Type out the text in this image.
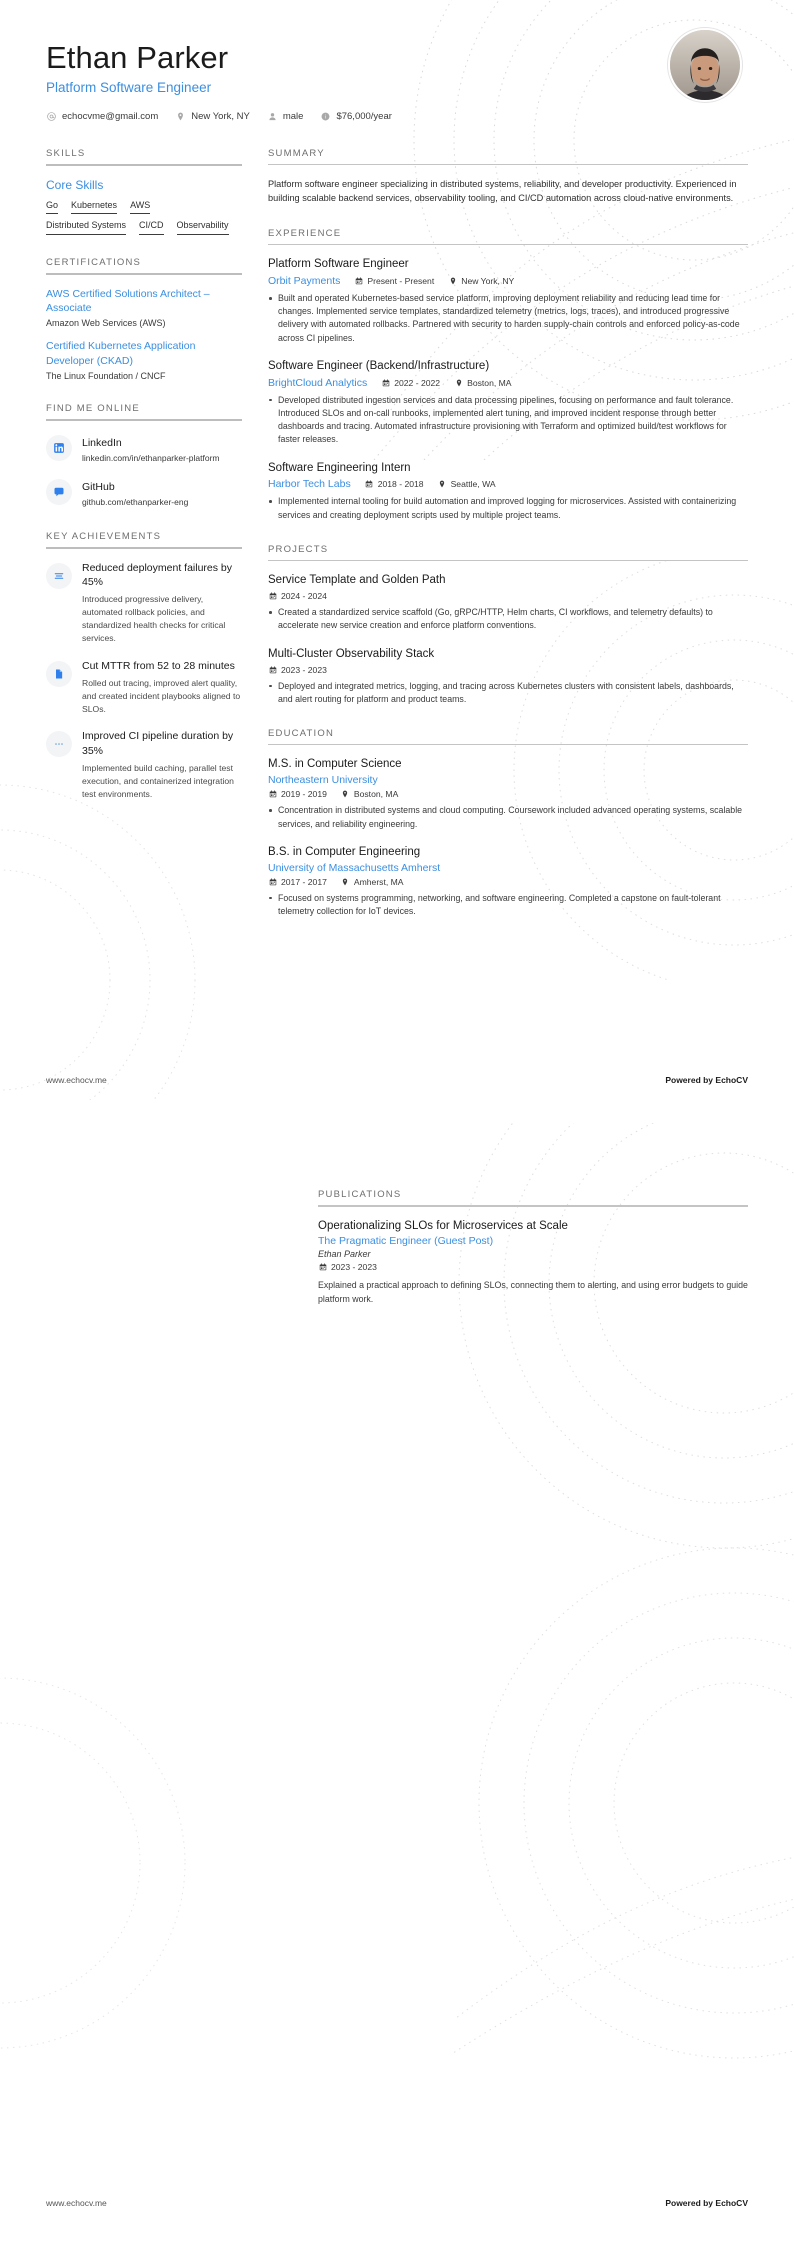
Ethan Parker
Platform Software Engineer
echocvme@gmail.com	New York, NY	male i $76,000/year
SKILLS
Core Skills
Go Kubernetes AWS
Distributed Systems CI/CD Observability
CERTIFICATIONS
AWS Certified Solutions Architect – Associate
Amazon Web Services (AWS)
Certified Kubernetes Application Developer (CKAD)
The Linux Foundation / CNCF
FIND ME ONLINE
LinkedIn
linkedin.com/in/ethanparker-platform
GitHub
github.com/ethanparker-eng
KEY ACHIEVEMENTS
Reduced deployment failures by 45%
Introduced progressive delivery, automated rollback policies, and standardized health checks for critical services.
Cut MTTR from 52 to 28 minutes
Rolled out tracing, improved alert quality, and created incident playbooks aligned to SLOs.
Improved CI pipeline duration by 35%
Implemented build caching, parallel test execution, and containerized integration test environments.
SUMMARY
Platform software engineer specializing in distributed systems, reliability, and developer productivity. Experienced in building scalable backend services, observability tooling, and CI/CD automation across cloud-native environments.
EXPERIENCE
Platform Software Engineer
Orbit Payments	Present - Present	New York, NY
Built and operated Kubernetes-based service platform, improving deployment reliability and reducing lead time for changes. Implemented service templates, standardized telemetry (metrics, logs, traces), and introduced progressive delivery with automated rollbacks. Partnered with security to harden supply-chain controls and enforced policy-as-code across CI pipelines.
Software Engineer (Backend/Infrastructure)
BrightCloud Analytics	2022 - 2022	Boston, MA
Developed distributed ingestion services and data processing pipelines, focusing on performance and fault tolerance. Introduced SLOs and on-call runbooks, implemented alert tuning, and improved incident response through better dashboards and tracing. Automated infrastructure provisioning with Terraform and optimized build/test workflows for faster releases.
Software Engineering Intern
Harbor Tech Labs	2018 - 2018	Seattle, WA
Implemented internal tooling for build automation and improved logging for microservices. Assisted with containerizing services and creating deployment scripts used by multiple project teams.
PROJECTS
Service Template and Golden Path
2024 - 2024
Created a standardized service scaffold (Go, gRPC/HTTP, Helm charts, CI workflows, and telemetry defaults) to accelerate new service creation and enforce platform conventions.
Multi-Cluster Observability Stack
2023 - 2023
Deployed and integrated metrics, logging, and tracing across Kubernetes clusters with consistent labels, dashboards, and alert routing for platform and product teams.
EDUCATION
M.S. in Computer Science
Northeastern University
2019 - 2019	Boston, MA
Concentration in distributed systems and cloud computing. Coursework included advanced operating systems, scalable services, and reliability engineering.
B.S. in Computer Engineering
University of Massachusetts Amherst
2017 - 2017	Amherst, MA
Focused on systems programming, networking, and software engineering. Completed a capstone on fault-tolerant telemetry collection for IoT devices.
www.echocv.me	Powered by EchoCV
PUBLICATIONS
Operationalizing SLOs for Microservices at Scale
The Pragmatic Engineer (Guest Post)
Ethan Parker
2023 - 2023
Explained a practical approach to defining SLOs, connecting them to alerting, and using error budgets to guide platform work.
www.echocv.me	Powered by EchoCV
